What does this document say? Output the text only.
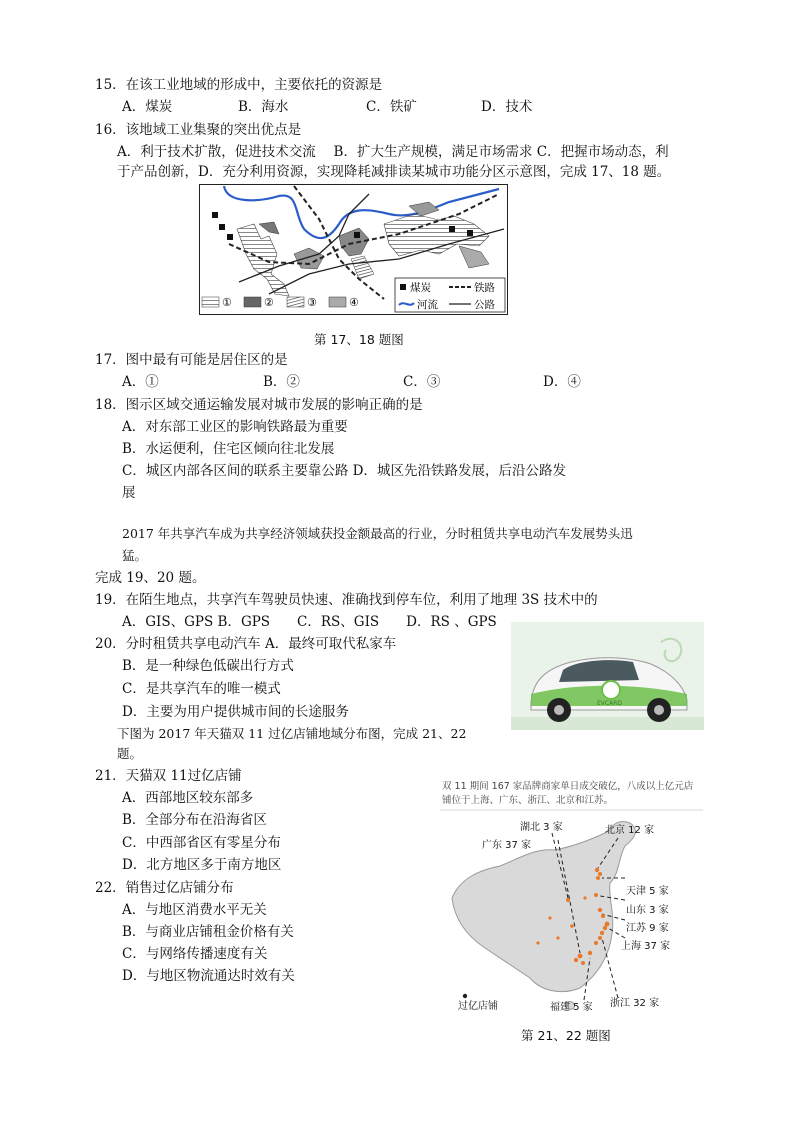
15．在该工业地域的形成中，主要依托的资源是
A．煤炭	B．海水	C．铁矿	D．技术
16．该地域工业集聚的突出优点是
A．利于技术扩散，促进技术交流　 B．扩大生产规模，满足市场需求 C．把握市场动态，利
于产品创新，D．充分利用资源，实现降耗减排读某城市功能分区示意图，完成 17、18 题。
①	②	③	④
煤炭	铁路
河流	公路
第 17、18 题图
17．图中最有可能是居住区的是
A．①	B．②	C．③	D．④
18．图示区域交通运输发展对城市发展的影响正确的是
A．对东部工业区的影响铁路最为重要
B．水运便利，住宅区倾向往北发展
C．城区内部各区间的联系主要靠公路 D．城区先沿铁路发展，后沿公路发
展
2017 年共享汽车成为共享经济领域获投金额最高的行业，分时租赁共享电动汽车发展势头迅
猛。
完成 19、20 题。
19．在陌生地点，共享汽车驾驶员快速、准确找到停车位，利用了地理 3S 技术中的
A．GIS、GPS B．GPS　　C．RS、GIS　　D．RS 、GPS
20．分时租赁共享电动汽车 A．最终可取代私家车
B．是一种绿色低碳出行方式
C．是共享汽车的唯一模式
D．主要为用户提供城市间的长途服务
EVCARD
下图为 2017 年天猫双 11 过亿店铺地域分布图，完成 21、22
题。
21．天猫双 11过亿店铺
A．西部地区较东部多
B．全部分布在沿海省区
C．中西部省区有零星分布
D．北方地区多于南方地区
22．销售过亿店铺分布
A．与地区消费水平无关
B．与商业店铺租金价格有关
C．与网络传播速度有关
D．与地区物流通达时效有关
双 11 期间 167 家品牌商家单日成交破亿，八成以上亿元店
铺位于上海、广东、浙江、北京和江苏。
湖北 3 家	北京 12 家
广东 37 家
天津 5 家
山东 3 家
江苏 9 家
上海 37 家
福建 5 家 浙江 32 家
过亿店铺
第 21、22 题图
